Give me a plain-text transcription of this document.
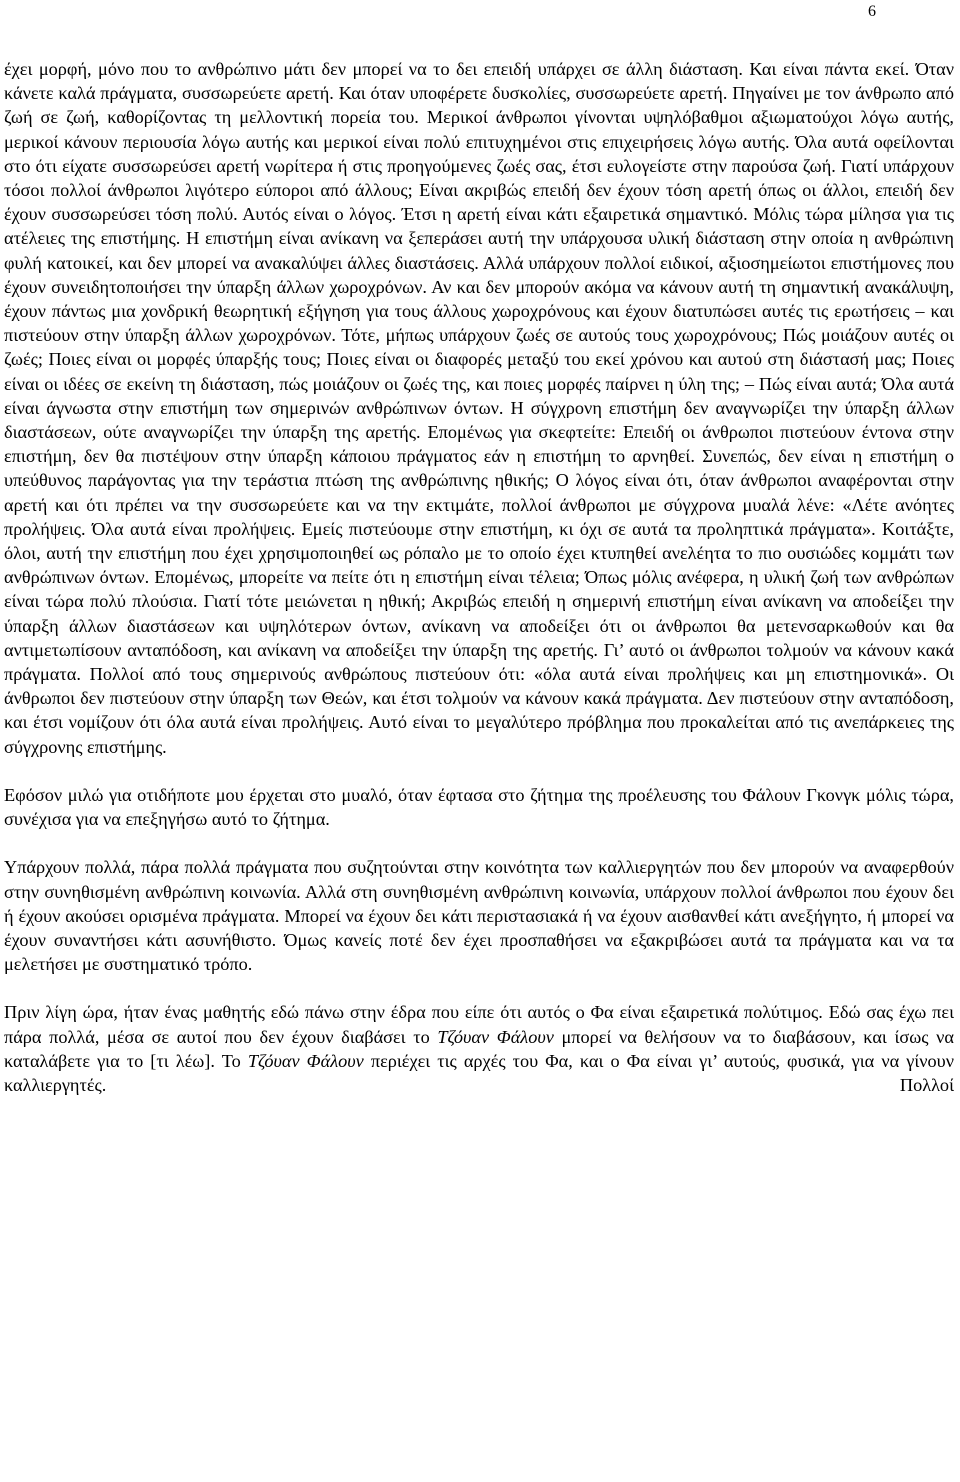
6

έχει μορφή, μόνο που το ανθρώπινο μάτι δεν μπορεί να το δει επειδή υπάρχει σε άλλη διάσταση. Και είναι πάντα εκεί. Όταν κάνετε καλά πράγματα, συσσωρεύετε αρετή. Και όταν υποφέρετε δυσκολίες, συσσωρεύετε αρετή. Πηγαίνει με τον άνθρωπο από ζωή σε ζωή, καθορίζοντας τη μελλοντική πορεία του. Μερικοί άνθρωποι γίνονται υψηλόβαθμοι αξιωματούχοι λόγω αυτής, μερικοί κάνουν περιουσία λόγω αυτής και μερικοί είναι πολύ επιτυχημένοι στις επιχειρήσεις λόγω αυτής. Όλα αυτά οφείλονται στο ότι είχατε συσσωρεύσει αρετή νωρίτερα ή στις προηγούμενες ζωές σας, έτσι ευλογείστε στην παρούσα ζωή. Γιατί υπάρχουν τόσοι πολλοί άνθρωποι λιγότερο εύποροι από άλλους; Είναι ακριβώς επειδή δεν έχουν τόση αρετή όπως οι άλλοι, επειδή δεν έχουν συσσωρεύσει τόση πολύ. Αυτός είναι ο λόγος. Έτσι η αρετή είναι κάτι εξαιρετικά σημαντικό. Μόλις τώρα μίλησα για τις ατέλειες της επιστήμης. Η επιστήμη είναι ανίκανη να ξεπεράσει αυτή την υπάρχουσα υλική διάσταση στην οποία η ανθρώπινη φυλή κατοικεί, και δεν μπορεί να ανακαλύψει άλλες διαστάσεις. Αλλά υπάρχουν πολλοί ειδικοί, αξιοσημείωτοι επιστήμονες που έχουν συνειδητοποιήσει την ύπαρξη άλλων χωροχρόνων. Αν και δεν μπορούν ακόμα να κάνουν αυτή τη σημαντική ανακάλυψη, έχουν πάντως μια χονδρική θεωρητική εξήγηση για τους άλλους χωροχρόνους και έχουν διατυπώσει αυτές τις ερωτήσεις – και πιστεύουν στην ύπαρξη άλλων χωροχρόνων. Τότε, μήπως υπάρχουν ζωές σε αυτούς τους χωροχρόνους; Πώς μοιάζουν αυτές οι ζωές; Ποιες είναι οι μορφές ύπαρξής τους; Ποιες είναι οι διαφορές μεταξύ του εκεί χρόνου και αυτού στη διάστασή μας; Ποιες είναι οι ιδέες σε εκείνη τη διάσταση, πώς μοιάζουν οι ζωές της, και ποιες μορφές παίρνει η ύλη της; – Πώς είναι αυτά; Όλα αυτά είναι άγνωστα στην επιστήμη των σημερινών ανθρώπινων όντων. Η σύγχρονη επιστήμη δεν αναγνωρίζει την ύπαρξη άλλων διαστάσεων, ούτε αναγνωρίζει την ύπαρξη της αρετής. Επομένως για σκεφτείτε: Επειδή οι άνθρωποι πιστεύουν έντονα στην επιστήμη, δεν θα πιστέψουν στην ύπαρξη κάποιου πράγματος εάν η επιστήμη το αρνηθεί. Συνεπώς, δεν είναι η επιστήμη ο υπεύθυνος παράγοντας για την τεράστια πτώση της ανθρώπινης ηθικής; Ο λόγος είναι ότι, όταν άνθρωποι αναφέρονται στην αρετή και ότι πρέπει να την συσσωρεύετε και να την εκτιμάτε, πολλοί άνθρωποι με σύγχρονα μυαλά λένε: «Λέτε ανόητες προλήψεις. Όλα αυτά είναι προλήψεις. Εμείς πιστεύουμε στην επιστήμη, κι όχι σε αυτά τα προληπτικά πράγματα». Κοιτάξτε, όλοι, αυτή την επιστήμη που έχει χρησιμοποιηθεί ως ρόπαλο με το οποίο έχει κτυπηθεί ανελέητα το πιο ουσιώδες κομμάτι των ανθρώπινων όντων. Επομένως, μπορείτε να πείτε ότι η επιστήμη είναι τέλεια; Όπως μόλις ανέφερα, η υλική ζωή των ανθρώπων είναι τώρα πολύ πλούσια. Γιατί τότε μειώνεται η ηθική; Ακριβώς επειδή η σημερινή επιστήμη είναι ανίκανη να αποδείξει την ύπαρξη άλλων διαστάσεων και υψηλότερων όντων, ανίκανη να αποδείξει ότι οι άνθρωποι θα μετενσαρκωθούν και θα αντιμετωπίσουν ανταπόδοση, και ανίκανη να αποδείξει την ύπαρξη της αρετής. Γι’ αυτό οι άνθρωποι τολμούν να κάνουν κακά πράγματα. Πολλοί από τους σημερινούς ανθρώπους πιστεύουν ότι: «όλα αυτά είναι προλήψεις και μη επιστημονικά». Οι άνθρωποι δεν πιστεύουν στην ύπαρξη των Θεών, και έτσι τολμούν να κάνουν κακά πράγματα. Δεν πιστεύουν στην ανταπόδοση, και έτσι νομίζουν ότι όλα αυτά είναι προλήψεις. Αυτό είναι το μεγαλύτερο πρόβλημα που προκαλείται από τις ανεπάρκειες της σύγχρονης επιστήμης.

Εφόσον μιλώ για οτιδήποτε μου έρχεται στο μυαλό, όταν έφτασα στο ζήτημα της προέλευσης του Φάλουν Γκονγκ μόλις τώρα, συνέχισα για να επεξηγήσω αυτό το ζήτημα.

Υπάρχουν πολλά, πάρα πολλά πράγματα που συζητούνται στην κοινότητα των καλλιεργητών που δεν μπορούν να αναφερθούν στην συνηθισμένη ανθρώπινη κοινωνία. Αλλά στη συνηθισμένη ανθρώπινη κοινωνία, υπάρχουν πολλοί άνθρωποι που έχουν δει ή έχουν ακούσει ορισμένα πράγματα. Μπορεί να έχουν δει κάτι περιστασιακά ή να έχουν αισθανθεί κάτι ανεξήγητο, ή μπορεί να έχουν συναντήσει κάτι ασυνήθιστο. Όμως κανείς ποτέ δεν έχει προσπαθήσει να εξακριβώσει αυτά τα πράγματα και να τα μελετήσει με συστηματικό τρόπο.

Πριν λίγη ώρα, ήταν ένας μαθητής εδώ πάνω στην έδρα που είπε ότι αυτός ο Φα είναι εξαιρετικά πολύτιμος. Εδώ σας έχω πει πάρα πολλά, μέσα σε αυτοί που δεν έχουν διαβάσει το Τζόυαν Φάλουν μπορεί να θελήσουν να το διαβάσουν, και ίσως να καταλάβετε για το [τι λέω]. Το Τζόυαν Φάλουν περιέχει τις αρχές του Φα, και ο Φα είναι γι’ αυτούς, φυσικά, για να γίνουν καλλιεργητές. Πολλοί
